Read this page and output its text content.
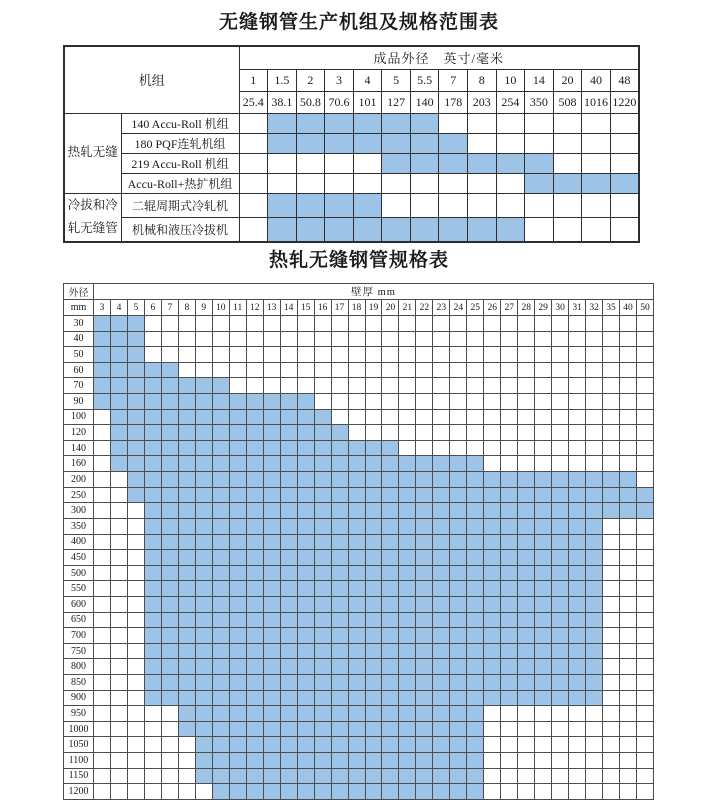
无缝钢管生产机组及规格范围表
机组		成品外径　英寸/毫米													
		1	1.5	2	3	4	5	5.5	7	8	10	14	20	40	48
		25.4	38.1	50.8	70.6	101	127	140	178	203	254	350	508	1016	1220
热轧无缝	140 Accu-Roll 机组														
	180 PQF连轧机组														
	219 Accu-Roll 机组														
	Accu-Roll+热扩机组														
冷拔和冷轧无缝管	二辊周期式冷轧机														
	机械和液压冷拔机														
热轧无缝钢管规格表
外径	壁厚 mm																																
mm	3	4	5	6	7	8	9	10	11	12	13	14	15	16	17	18	19	20	21	22	23	24	25	26	27	28	29	30	31	32	35	40	50
30																																	
40																																	
50																																	
60																																	
70																																	
90																																	
100																																	
120																																	
140																																	
160																																	
200																																	
250																																	
300																																	
350																																	
400																																	
450																																	
500																																	
550																																	
600																																	
650																																	
700																																	
750																																	
800																																	
850																																	
900																																	
950																																	
1000																																	
1050																																	
1100																																	
1150																																	
1200																																	
